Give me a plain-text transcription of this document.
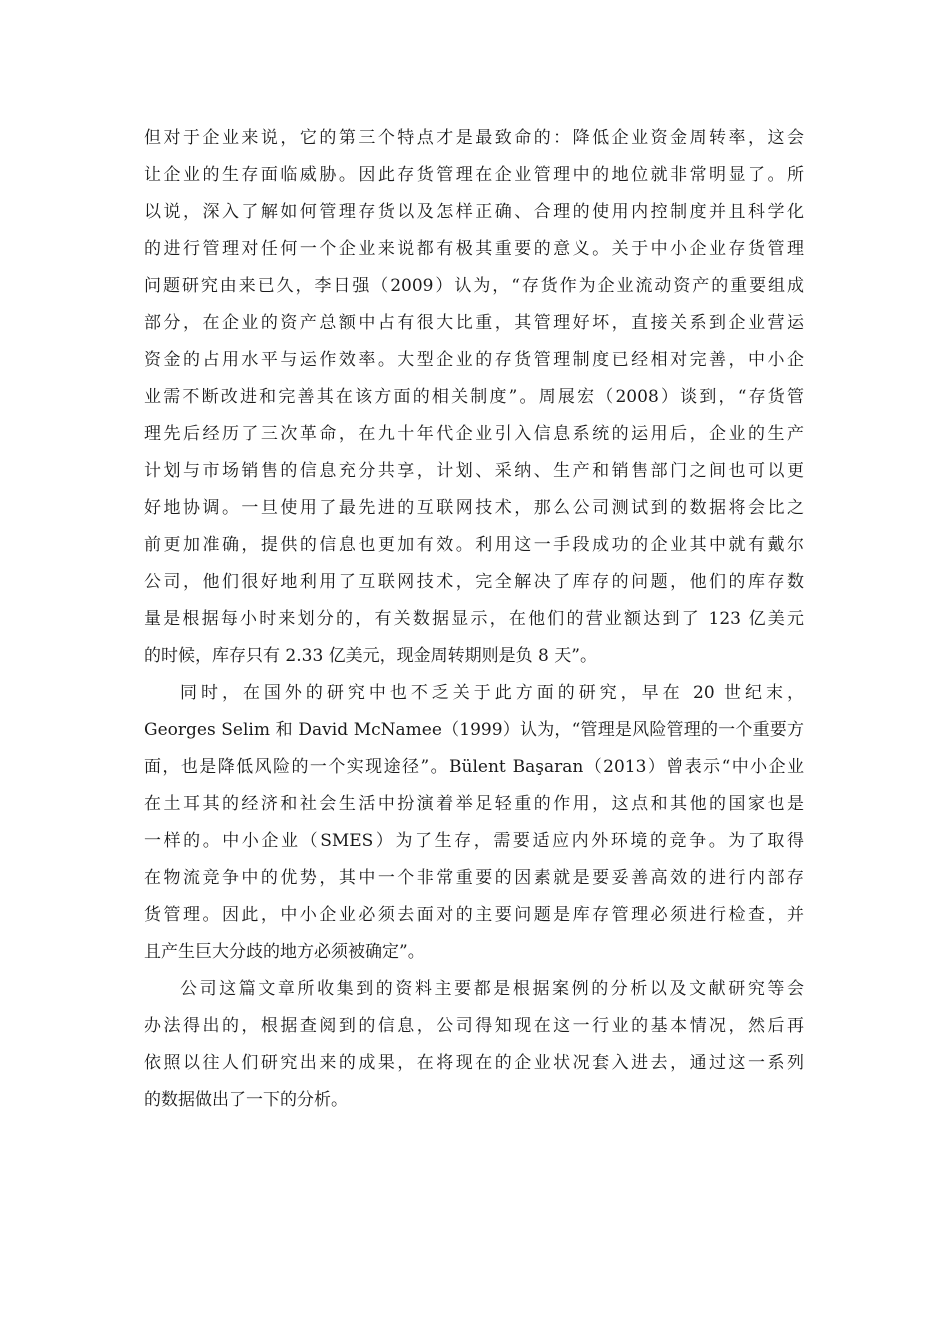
但对于企业来说，它的第三个特点才是最致命的：降低企业资金周转率，这会
让企业的生存面临威胁。因此存货管理在企业管理中的地位就非常明显了。所
以说，深入了解如何管理存货以及怎样正确、合理的使用内控制度并且科学化
的进行管理对任何一个企业来说都有极其重要的意义。关于中小企业存货管理
问题研究由来已久，李日强（2009）认为，“存货作为企业流动资产的重要组成
部分，在企业的资产总额中占有很大比重，其管理好坏，直接关系到企业营运
资金的占用水平与运作效率。大型企业的存货管理制度已经相对完善，中小企
业需不断改进和完善其在该方面的相关制度”。周展宏（2008）谈到，“存货管
理先后经历了三次革命，在九十年代企业引入信息系统的运用后，企业的生产
计划与市场销售的信息充分共享，计划、采纳、生产和销售部门之间也可以更
好地协调。一旦使用了最先进的互联网技术，那么公司测试到的数据将会比之
前更加准确，提供的信息也更加有效。利用这一手段成功的企业其中就有戴尔
公司，他们很好地利用了互联网技术，完全解决了库存的问题，他们的库存数
量是根据每小时来划分的，有关数据显示，在他们的营业额达到了 123 亿美元
的时候，库存只有 2.33 亿美元，现金周转期则是负 8 天”。
同时，在国外的研究中也不乏关于此方面的研究，早在 20 世纪末，
Georges Selim 和 David McNamee（1999）认为，“管理是风险管理的一个重要方
面，也是降低风险的一个实现途径”。Bülent Başaran（2013）曾表示“中小企业
在土耳其的经济和社会生活中扮演着举足轻重的作用，这点和其他的国家也是
一样的。中小企业（SMES）为了生存，需要适应内外环境的竞争。为了取得
在物流竞争中的优势，其中一个非常重要的因素就是要妥善高效的进行内部存
货管理。因此，中小企业必须去面对的主要问题是库存管理必须进行检查，并
且产生巨大分歧的地方必须被确定”。
公司这篇文章所收集到的资料主要都是根据案例的分析以及文献研究等会
办法得出的，根据查阅到的信息，公司得知现在这一行业的基本情况，然后再
依照以往人们研究出来的成果，在将现在的企业状况套入进去，通过这一系列
的数据做出了一下的分析。
